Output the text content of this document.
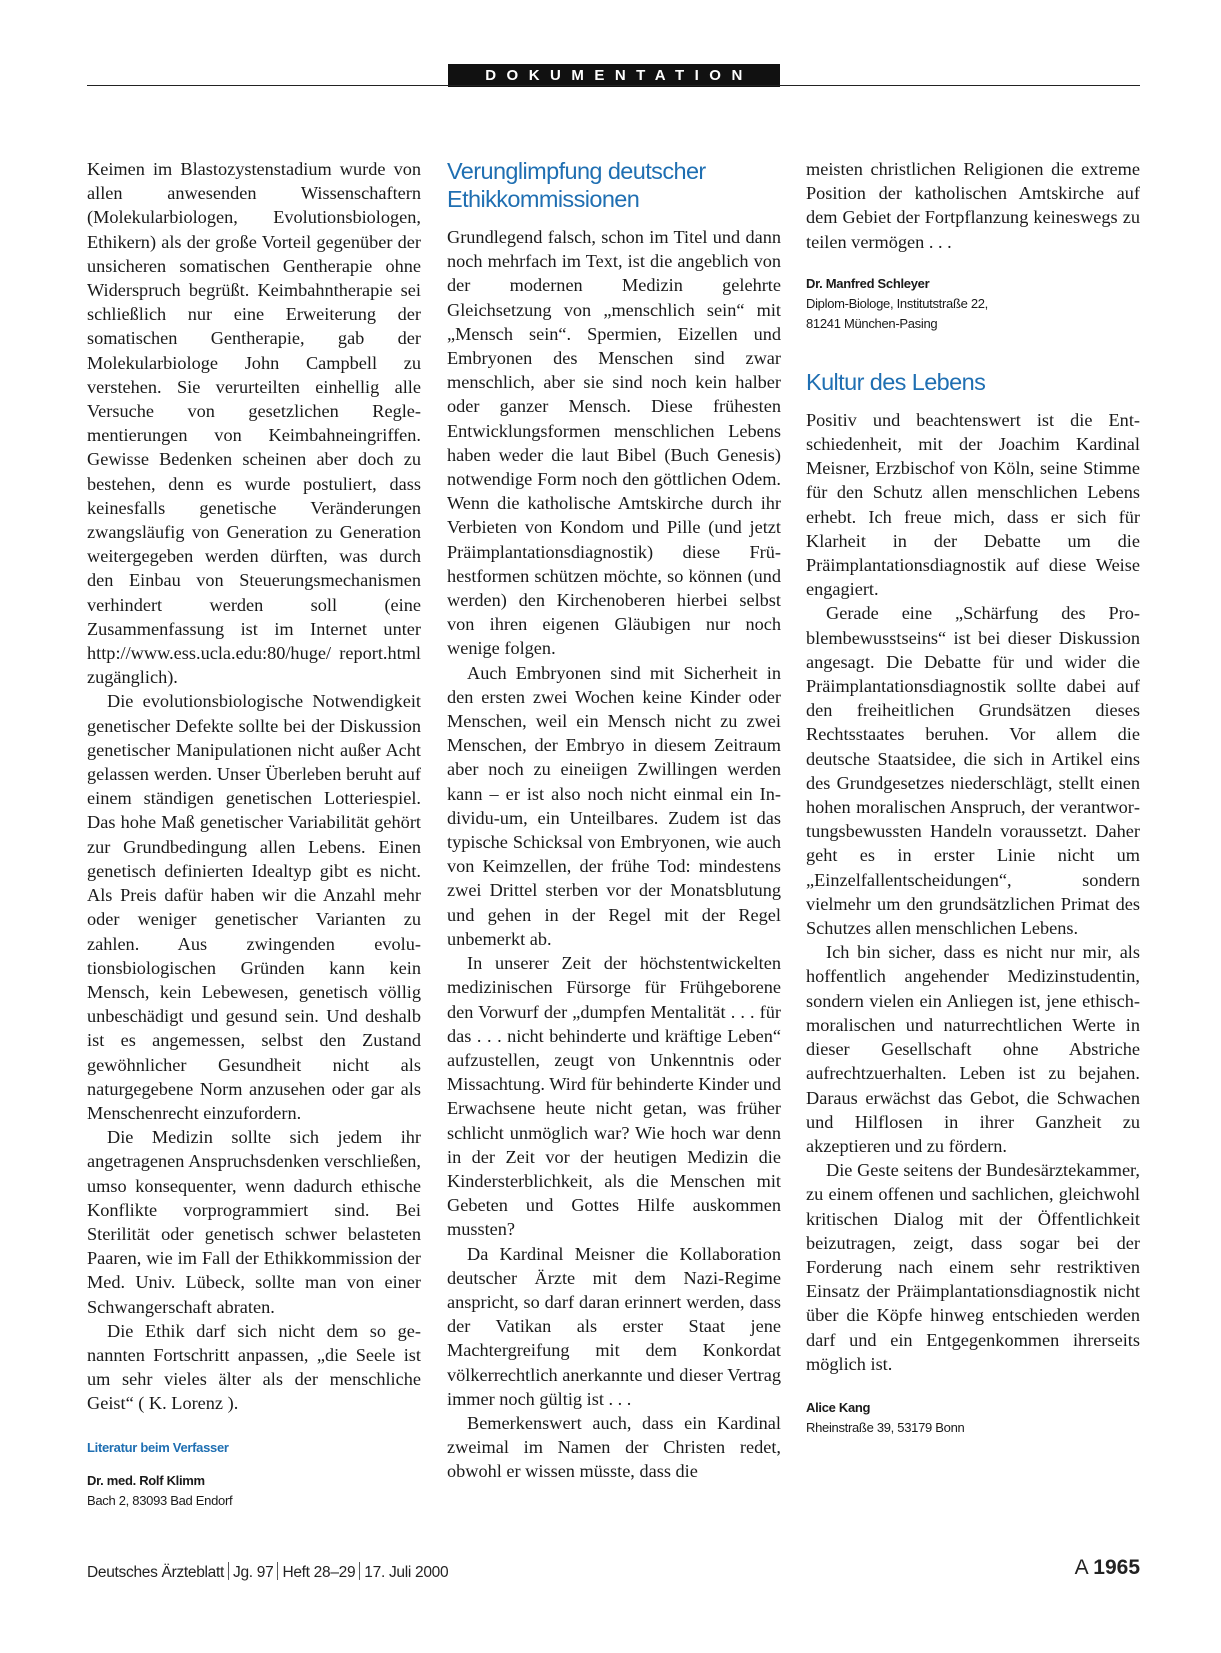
DOKUMENTATION

Keimen im Blastozystenstadium wurde von allen anwesenden Wissenschaftern (Molekularbiologen, Evolutionsbiologen, Ethikern) als der große Vorteil gegenüber der unsicheren somatischen Gentherapie ohne Widerspruch begrüßt. Keimbahntherapie sei schließlich nur eine Erweiterung der somatischen Gentherapie, gab der Molekularbiologe John Campbell zu verstehen. Sie verurteilten einhellig alle Versuche von gesetzlichen Reglementierungen von Keimbahneingriffen. Gewisse Bedenken scheinen aber doch zu bestehen, denn es wurde postuliert, dass keinesfalls genetische Veränderungen zwangsläufig von Generation zu Generation weitergegeben werden dürften, was durch den Einbau von Steuerungsmechanismen verhindert werden soll (eine Zusammenfassung ist im Internet unter http://www.ess.ucla.edu:80/huge/ report.html zugänglich).

Die evolutionsbiologische Notwendigkeit genetischer Defekte sollte bei der Diskussion genetischer Manipulationen nicht außer Acht gelassen werden. Unser Überleben beruht auf einem ständigen genetischen Lotteriespiel. Das hohe Maß genetischer Variabilität gehört zur Grundbedingung allen Lebens. Einen genetisch definierten Idealtyp gibt es nicht. Als Preis dafür haben wir die Anzahl mehr oder weniger genetischer Varianten zu zahlen. Aus zwingenden evolutionsbiologischen Gründen kann kein Mensch, kein Lebewesen, genetisch völlig unbeschädigt und gesund sein. Und deshalb ist es angemessen, selbst den Zustand gewöhnlicher Gesundheit nicht als naturgegebene Norm anzusehen oder gar als Menschenrecht einzufordern.

Die Medizin sollte sich jedem ihr angetragenen Anspruchsdenken verschließen, umso konsequenter, wenn dadurch ethische Konflikte vorprogrammiert sind. Bei Sterilität oder genetisch schwer belasteten Paaren, wie im Fall der Ethikkommission der Med. Univ. Lübeck, sollte man von einer Schwangerschaft abraten.

Die Ethik darf sich nicht dem so genannten Fortschritt anpassen, „die Seele ist um sehr vieles älter als der menschliche Geist“ ( K. Lorenz ).

Literatur beim Verfasser
Dr. med. Rolf Klimm
Bach 2, 83093 Bad Endorf
Verunglimpfung deutscher Ethikkommissionen

Grundlegend falsch, schon im Titel und dann noch mehrfach im Text, ist die angeblich von der modernen Medizin gelehrte Gleichsetzung von „menschlich sein“ mit „Mensch sein“. Spermien, Eizellen und Embryonen des Menschen sind zwar menschlich, aber sie sind noch kein halber oder ganzer Mensch. Diese frühesten Entwicklungsformen menschlichen Lebens haben weder die laut Bibel (Buch Genesis) notwendige Form noch den göttlichen Odem. Wenn die katholische Amtskirche durch ihr Verbieten von Kondom und Pille (und jetzt Präimplantationsdiagnostik) diese Frühestformen schützen möchte, so können (und werden) den Kirchenoberen hierbei selbst von ihren eigenen Gläubigen nur noch wenige folgen.

Auch Embryonen sind mit Sicherheit in den ersten zwei Wochen keine Kinder oder Menschen, weil ein Mensch nicht zu zwei Menschen, der Embryo in diesem Zeitraum aber noch zu eineiigen Zwillingen werden kann – er ist also noch nicht einmal ein In-dividu-um, ein Unteilbares. Zudem ist das typische Schicksal von Embryonen, wie auch von Keimzellen, der frühe Tod: mindestens zwei Drittel sterben vor der Monatsblutung und gehen in der Regel mit der Regel unbemerkt ab.

In unserer Zeit der höchstentwickelten medizinischen Fürsorge für Frühgeborene den Vorwurf der „dumpfen Mentalität . . . für das . . . nicht behinderte und kräftige Leben“ aufzustellen, zeugt von Unkenntnis oder Missachtung. Wird für behinderte Kinder und Erwachsene heute nicht getan, was früher schlicht unmöglich war? Wie hoch war denn in der Zeit vor der heutigen Medizin die Kindersterblichkeit, als die Menschen mit Gebeten und Gottes Hilfe auskommen mussten?

Da Kardinal Meisner die Kollaboration deutscher Ärzte mit dem Nazi-Regime anspricht, so darf daran erinnert werden, dass der Vatikan als erster Staat jene Machtergreifung mit dem Konkordat völkerrechtlich anerkannte und dieser Vertrag immer noch gültig ist . . .

Bemerkenswert auch, dass ein Kardinal zweimal im Namen der Christen redet, obwohl er wissen müsste, dass die

meisten christlichen Religionen die extreme Position der katholischen Amtskirche auf dem Gebiet der Fortpflanzung keineswegs zu teilen vermögen . . .

Dr. Manfred Schleyer
Diplom-Biologe, Institutstraße 22,
81241 München-Pasing
Kultur des Lebens

Positiv und beachtenswert ist die Entschiedenheit, mit der Joachim Kardinal Meisner, Erzbischof von Köln, seine Stimme für den Schutz allen menschlichen Lebens erhebt. Ich freue mich, dass er sich für Klarheit in der Debatte um die Präimplantationsdiagnostik auf diese Weise engagiert.

Gerade eine „Schärfung des Problembewusstseins“ ist bei dieser Diskussion angesagt. Die Debatte für und wider die Präimplantationsdiagnostik sollte dabei auf den freiheitlichen Grundsätzen dieses Rechtsstaates beruhen. Vor allem die deutsche Staatsidee, die sich in Artikel eins des Grundgesetzes niederschlägt, stellt einen hohen moralischen Anspruch, der verantwortungsbewussten Handeln voraussetzt. Daher geht es in erster Linie nicht um „Einzelfallentscheidungen“, sondern vielmehr um den grundsätzlichen Primat des Schutzes allen menschlichen Lebens.

Ich bin sicher, dass es nicht nur mir, als hoffentlich angehender Medizinstudentin, sondern vielen ein Anliegen ist, jene ethisch-moralischen und naturrechtlichen Werte in dieser Gesellschaft ohne Abstriche aufrechtzuerhalten. Leben ist zu bejahen. Daraus erwächst das Gebot, die Schwachen und Hilflosen in ihrer Ganzheit zu akzeptieren und zu fördern.

Die Geste seitens der Bundesärztekammer, zu einem offenen und sachlichen, gleichwohl kritischen Dialog mit der Öffentlichkeit beizutragen, zeigt, dass sogar bei der Forderung nach einem sehr restriktiven Einsatz der Präimplantationsdiagnostik nicht über die Köpfe hinweg entschieden werden darf und ein Entgegenkommen ihrerseits möglich ist.

Alice Kang
Rheinstraße 39, 53179 Bonn
Deutsches Ärzteblatt Jg. 97 Heft 28–29 17. Juli 2000	A 1965
